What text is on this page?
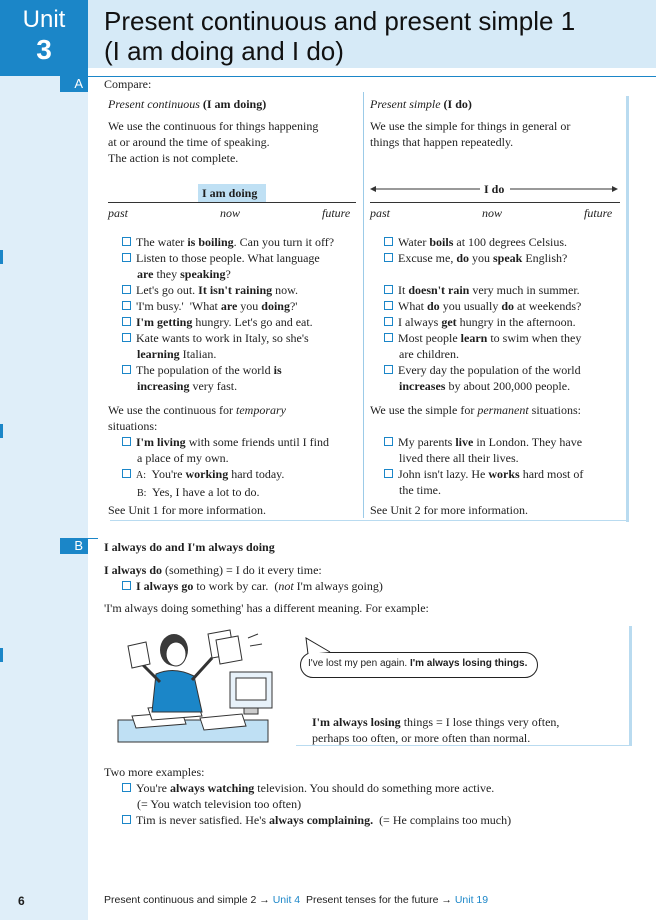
Unit
3
Present continuous and present simple 1
(I am doing and I do)
A	Compare:
Present continuous (I am doing)
We use the continuous for things happening
at or around the time of speaking.
The action is not complete.
I am doing
past	now	future
The water is boiling. Can you turn it off?
Listen to those people. What language
are they speaking?
Let's go out. It isn't raining now.
'I'm busy.'  'What are you doing?'
I'm getting hungry. Let's go and eat.
Kate wants to work in Italy, so she's
learning Italian.
The population of the world is
increasing very fast.
We use the continuous for temporary
situations:
I'm living with some friends until I find
a place of my own.
A:  You're working hard today.
B:  Yes, I have a lot to do.
See Unit 1 for more information.
Present simple (I do)
We use the simple for things in general or
things that happen repeatedly.
I do
past	now	future
Water boils at 100 degrees Celsius.
Excuse me, do you speak English?
It doesn't rain very much in summer.
What do you usually do at weekends?
I always get hungry in the afternoon.
Most people learn to swim when they
are children.
Every day the population of the world
increases by about 200,000 people.
We use the simple for permanent situations:
My parents live in London. They have
lived there all their lives.
John isn't lazy. He works hard most of
the time.
See Unit 2 for more information.
B	I always do and I'm always doing
I always do (something) = I do it every time:
I always go to work by car.  (not I'm always going)
'I'm always doing something' has a different meaning. For example:
I've lost my pen again. I'm always losing things.
I'm always losing things = I lose things very often,
perhaps too often, or more often than normal.
Two more examples:
You're always watching television. You should do something more active.
(= You watch television too often)
Tim is never satisfied. He's always complaining. (= He complains too much)
6	Present continuous and simple 2 → Unit 4 Present tenses for the future → Unit 19
